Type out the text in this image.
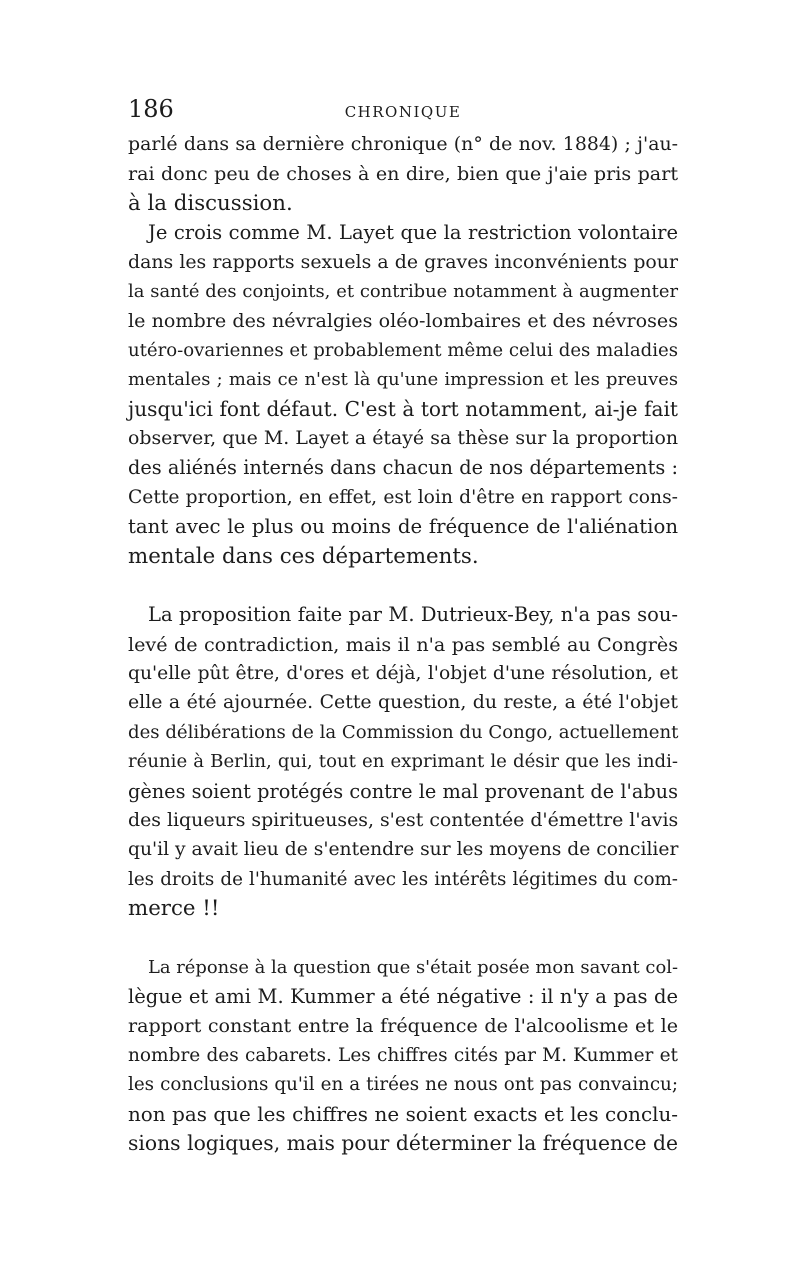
186	CHRONIQUE

parlé dans sa dernière chronique (n° de nov. 1884) ; j'au-
rai donc peu de choses à en dire, bien que j'aie pris part
à la discussion.

Je crois comme M. Layet que la restriction volontaire
dans les rapports sexuels a de graves inconvénients pour
la santé des conjoints, et contribue notamment à augmenter
le nombre des névralgies oléo-lombaires et des névroses
utéro-ovariennes et probablement même celui des maladies
mentales ; mais ce n'est là qu'une impression et les preuves
jusqu'ici font défaut. C'est à tort notamment, ai-je fait
observer, que M. Layet a étayé sa thèse sur la proportion
des aliénés internés dans chacun de nos départements :
Cette proportion, en effet, est loin d'être en rapport cons-
tant avec le plus ou moins de fréquence de l'aliénation
mentale dans ces départements.

La proposition faite par M. Dutrieux-Bey, n'a pas sou-
levé de contradiction, mais il n'a pas semblé au Congrès
qu'elle pût être, d'ores et déjà, l'objet d'une résolution, et
elle a été ajournée. Cette question, du reste, a été l'objet
des délibérations de la Commission du Congo, actuellement
réunie à Berlin, qui, tout en exprimant le désir que les indi-
gènes soient protégés contre le mal provenant de l'abus
des liqueurs spiritueuses, s'est contentée d'émettre l'avis
qu'il y avait lieu de s'entendre sur les moyens de concilier
les droits de l'humanité avec les intérêts légitimes du com-
merce !!

La réponse à la question que s'était posée mon savant col-
lègue et ami M. Kummer a été négative : il n'y a pas de
rapport constant entre la fréquence de l'alcoolisme et le
nombre des cabarets. Les chiffres cités par M. Kummer et
les conclusions qu'il en a tirées ne nous ont pas convaincu;
non pas que les chiffres ne soient exacts et les conclu-
sions logiques, mais pour déterminer la fréquence de
